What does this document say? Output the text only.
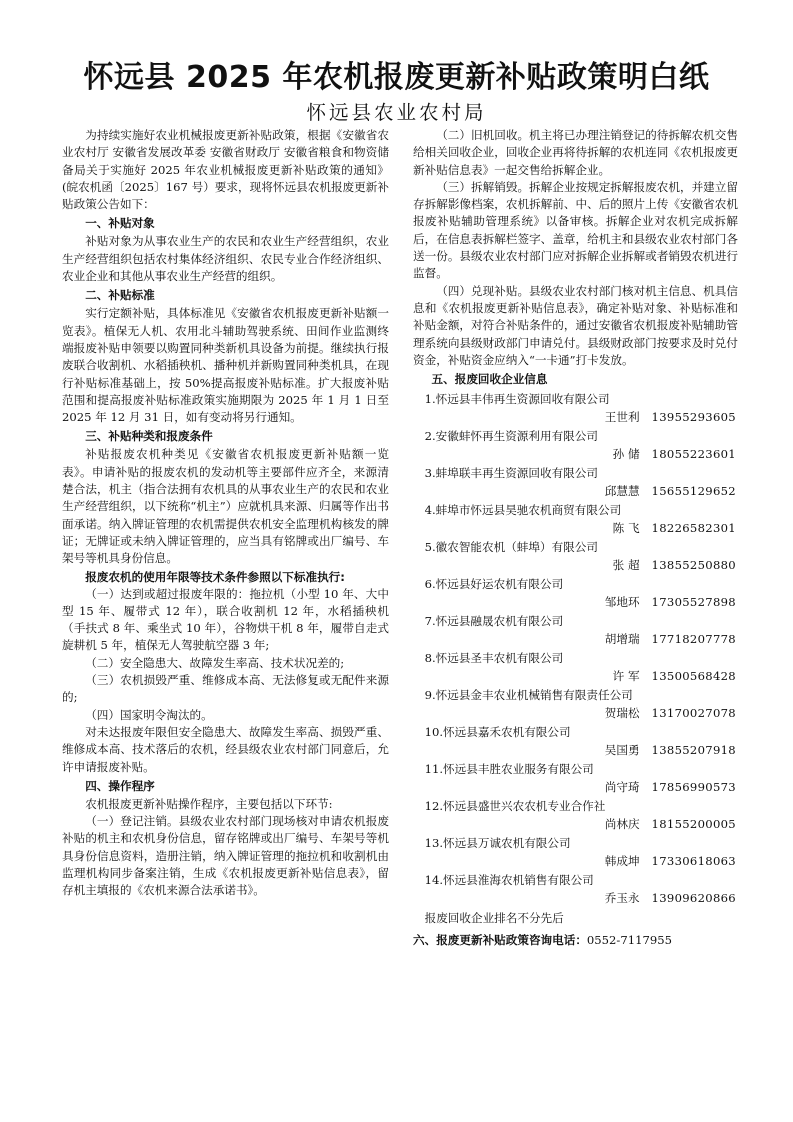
怀远县 2025 年农机报废更新补贴政策明白纸
怀远县农业农村局

为持续实施好农业机械报废更新补贴政策，根据《安徽省农业农村厅 安徽省发展改革委 安徽省财政厅 安徽省粮食和物资储备局关于实施好 2025 年农业机械报废更新补贴政策的通知》(皖农机函〔2025〕167 号）要求，现将怀远县农机报废更新补贴政策公告如下：

一、补贴对象

补贴对象为从事农业生产的农民和农业生产经营组织，农业生产经营组织包括农村集体经济组织、农民专业合作经济组织、农业企业和其他从事农业生产经营的组织。

二、补贴标准

实行定额补贴，具体标准见《安徽省农机报废更新补贴额一览表》。植保无人机、农用北斗辅助驾驶系统、田间作业监测终端报废补贴申领要以购置同种类新机具设备为前提。继续执行报废联合收割机、水稻插秧机、播种机并新购置同种类机具，在现行补贴标准基础上，按 50%提高报废补贴标准。扩大报废补贴范围和提高报废补贴标准政策实施期限为 2025 年 1 月 1 日至 2025 年 12 月 31 日，如有变动将另行通知。

三、补贴种类和报废条件

补贴报废农机种类见《安徽省农机报废更新补贴额一览表》。申请补贴的报废农机的发动机等主要部件应齐全，来源清楚合法，机主（指合法拥有农机具的从事农业生产的农民和农业生产经营组织，以下统称“机主”）应就机具来源、归属等作出书面承诺。纳入牌证管理的农机需提供农机安全监理机构核发的牌证；无牌证或未纳入牌证管理的，应当具有铭牌或出厂编号、车架号等机具身份信息。

报废农机的使用年限等技术条件参照以下标准执行:

（一）达到或超过报废年限的：拖拉机（小型 10 年、大中型 15 年、履带式 12 年），联合收割机 12 年，水稻插秧机（手扶式 8 年、乘坐式 10 年），谷物烘干机 8 年，履带自走式旋耕机 5 年，植保无人驾驶航空器 3 年;

（二）安全隐患大、故障发生率高、技术状况差的;

（三）农机损毁严重、维修成本高、无法修复或无配件来源的;

（四）国家明令淘汰的。

对未达报废年限但安全隐患大、故障发生率高、损毁严重、维修成本高、技术落后的农机，经县级农业农村部门同意后，允许申请报废补贴。

四、操作程序

农机报废更新补贴操作程序，主要包括以下环节:

（一）登记注销。县级农业农村部门现场核对申请农机报废补贴的机主和农机身份信息，留存铭牌或出厂编号、车架号等机具身份信息资料，造册注销，纳入牌证管理的拖拉机和收割机由监理机构同步备案注销，生成《农机报废更新补贴信息表》，留存机主填报的《农机来源合法承诺书》。

（二）旧机回收。机主将已办理注销登记的待拆解农机交售给相关回收企业，回收企业再将待拆解的农机连同《农机报废更新补贴信息表》一起交售给拆解企业。

（三）拆解销毁。拆解企业按规定拆解报废农机，并建立留存拆解影像档案，农机拆解前、中、后的照片上传《安徽省农机报废补贴辅助管理系统》以备审核。拆解企业对农机完成拆解后，在信息表拆解栏签字、盖章，给机主和县级农业农村部门各送一份。县级农业农村部门应对拆解企业拆解或者销毁农机进行监督。

（四）兑现补贴。县级农业农村部门核对机主信息、机具信息和《农机报废更新补贴信息表》，确定补贴对象、补贴标准和补贴金额，对符合补贴条件的，通过安徽省农机报废补贴辅助管理系统向县级财政部门申请兑付。县级财政部门按要求及时兑付资金，补贴资金应纳入“一卡通”打卡发放。

五、报废回收企业信息

1.怀远县丰伟再生资源回收有限公司

王世利 13955293605

2.安徽蚌怀再生资源利用有限公司

孙 储 18055223601

3.蚌埠联丰再生资源回收有限公司

邱慧慧 15655129652

4.蚌埠市怀远县昊驰农机商贸有限公司

陈 飞 18226582301

5.徽农智能农机（蚌埠）有限公司

张 超 13855250880

6.怀远县好运农机有限公司

邹地环 17305527898

7.怀远县融晟农机有限公司

胡增瑞 17718207778

8.怀远县圣丰农机有限公司

许 军 13500568428

9.怀远县金丰农业机械销售有限责任公司

贺瑞松 13170027078

10.怀远县嘉禾农机有限公司

吴国勇 13855207918

11.怀远县丰胜农业服务有限公司

尚守琦 17856990573

12.怀远县盛世兴农农机专业合作社

尚林庆 18155200005

13.怀远县万诚农机有限公司

韩成坤 17330618063

14.怀远县淮海农机销售有限公司

乔玉永 13909620866

报废回收企业排名不分先后

六、报废更新补贴政策咨询电话：0552-7117955
